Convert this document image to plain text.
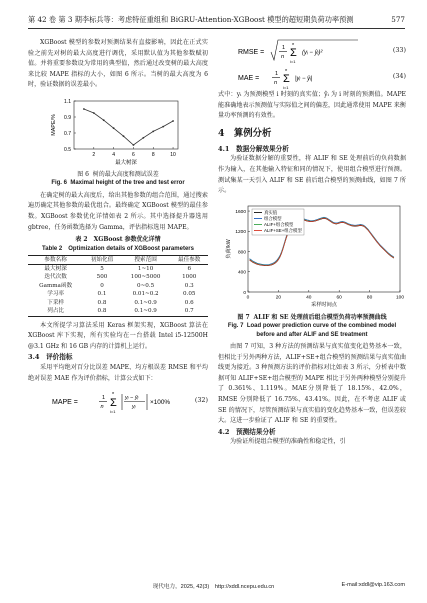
第 42 卷 第 3 期李标兵等：考虑特征重组和 BiGRU-Attention-XGBoost 模型的超短期负荷功率预测	577

XGBoost 模型的参数对预测结果有直接影响，因此在正式实验之前先对树的最大高度进行调优，采用默认值为其他参数赋初值。并将重要参数设为常用的典型值，然后通过改变树的最大高度来比较 MAPE 指标的大小，如图 6 所示。当树的最大高度为 6 时，验证数据的误差最小。

0.5
0.7
0.9
1.1
2	4	6	8	10
最大树深
MAPE/%

图 6 树的最大高度和测试误差

Fig. 6 Maximal height of the tree and test error

在确定树的最大高度后，给出其他参数的组合范围，通过搜索遍历确定其他参数的最优组合。最终确定 XGBoost 模型的最佳参数。XGBoost 参数优化详情如表 2 所示。其中选择提升器选用 gbtree，任务函数选择为 Gamma，评估指标选用 MAPE。

表 2　XGBoost 参数优化详情

Table 2　Optimization details of XGBoost parameters

参数名称	初始化值	搜索范围	最佳参数
最大树深	5	1~10	6
迭代次数	500	100~5000	1000
Gamma函数	0	0~0.5	0.3
学习率	0.1	0.01~0.2	0.05
下采样	0.8	0.1~0.9	0.6
列占比	0.8	0.1~0.9	0.7

本文所提学习算法采用 Keras 框架实现，XGBoost 算法在 XGBoost 库下实现，所有实验均在一台搭载 Intel i5-12500H @3.1 GHz 和 16 GB 内存的计算机上运行。

3.4　评价指标

采用平均绝对百分比误差 MAPE、均方根误差 RMSE 和平均绝对误差 MAE 作为评价指标，计算公式如下：

MAPE =
1
n Σ
i=1
n
yᵢ − ŷᵢ
yᵢ
×100%	(32)
RMSE =
1
n Σ
i=1
n
(yᵢ − ŷᵢ)²	(33)
MAE =
1
n Σ
i=1
n
|yᵢ − ŷᵢ|	(34)

式中：yᵢ 为预测模型 i 时刻的真实值；ŷᵢ 为 i 时刻的预测值。MAPE 能准确地表示预测值与实际值之间的偏差，因此通常使用 MAPE 来衡量功率预测的有效性。

4　算例分析

4.1　数据分解效果分析

为验证数据分解的重要性，将 ALIF 和 SE 处理前后的负荷数据作为输入，在其他输入特征和同的情况下，使用组合模型进行预测。测试集某一天引入 ALIF 和 SE 前后组合模型的预测曲线，如图 7 所示。

0
400
800
1200
1600
0	20	40	60	80	100
采样时间点
负荷/kW
真实值
组合模型
ALIF+组合模型
ALIF+SE+组合模型

图 7 ALIF 和 SE 处理前后组合模型负荷功率预测曲线

Fig. 7 Load power prediction curve of the combined model before and after ALIF and SE treatment

由图 7 可知，3 种方法的预测结果与真实值变化趋势基本一致，但相比于另外两种方法，ALIF+SE+组合模型的预测结果与真实值曲线更为接近。3 种预测方法的评价指标对比如表 3 所示，分析表中数据可知 ALIF+SE+组合模型的 MAPE 相比于另外两种模型分别提升了 0.361%、1.119%。MAE分别降低了 18.15%、42.0%，RMSE 分别降低了 16.75%、43.41%。因此，在不考虑 ALIF 或 SE 的情况下，尽管预测结果与真实值的变化趋势基本一致，但误差较大。这进一步验证了 ALIF 和 SE 的重要性。

4.2　预测结果分析

为验证所提组合模型的准确性和稳定性，引

现代电力，2025, 42(3)　http://xddl.ncepu.edu.cn	E-mail:xddl@vip.163.com
